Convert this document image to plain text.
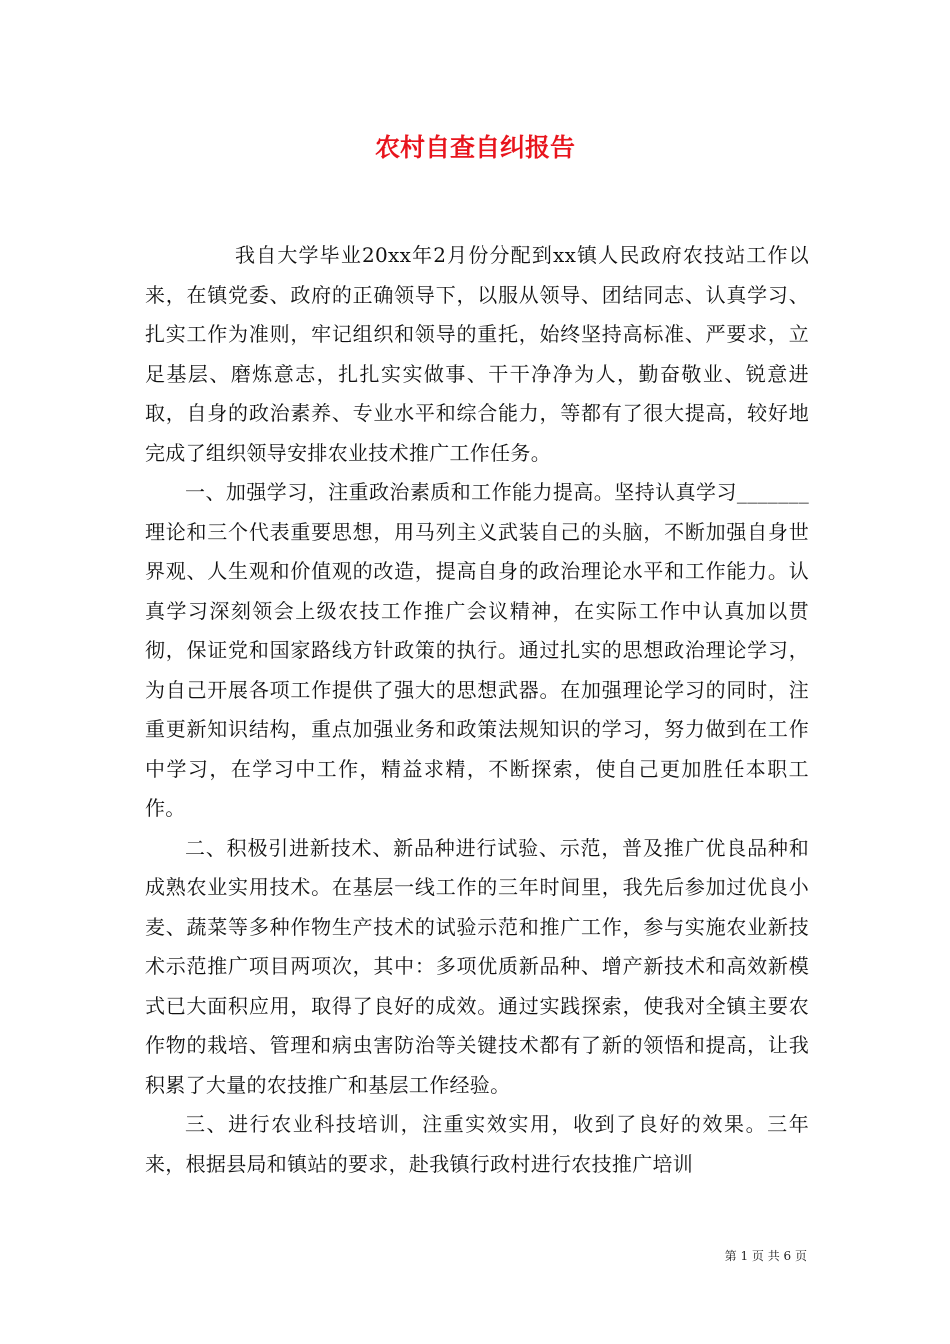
农村自查自纠报告

我自大学毕业20xx年2月份分配到xx镇人民政府农技站工作以来，在镇党委、政府的正确领导下，以服从领导、团结同志、认真学习、扎实工作为准则，牢记组织和领导的重托，始终坚持高标准、严要求，立足基层、磨炼意志，扎扎实实做事、干干净净为人，勤奋敬业、锐意进取，自身的政治素养、专业水平和综合能力，等都有了很大提高，较好地完成了组织领导安排农业技术推广工作任务。

一、加强学习，注重政治素质和工作能力提高。坚持认真学习_______理论和三个代表重要思想，用马列主义武装自己的头脑，不断加强自身世界观、人生观和价值观的改造，提高自身的政治理论水平和工作能力。认真学习深刻领会上级农技工作推广会议精神，在实际工作中认真加以贯彻，保证党和国家路线方针政策的执行。通过扎实的思想政治理论学习，为自己开展各项工作提供了强大的思想武器。在加强理论学习的同时，注重更新知识结构，重点加强业务和政策法规知识的学习，努力做到在工作中学习，在学习中工作，精益求精，不断探索，使自己更加胜任本职工作。

二、积极引进新技术、新品种进行试验、示范，普及推广优良品种和成熟农业实用技术。在基层一线工作的三年时间里，我先后参加过优良小麦、蔬菜等多种作物生产技术的试验示范和推广工作，参与实施农业新技术示范推广项目两项次，其中：多项优质新品种、增产新技术和高效新模式已大面积应用，取得了良好的成效。通过实践探索，使我对全镇主要农作物的栽培、管理和病虫害防治等关键技术都有了新的领悟和提高，让我积累了大量的农技推广和基层工作经验。

三、进行农业科技培训，注重实效实用，收到了良好的效果。三年来，根据县局和镇站的要求，赴我镇行政村进行农技推广培训

第 1 页 共 6 页
